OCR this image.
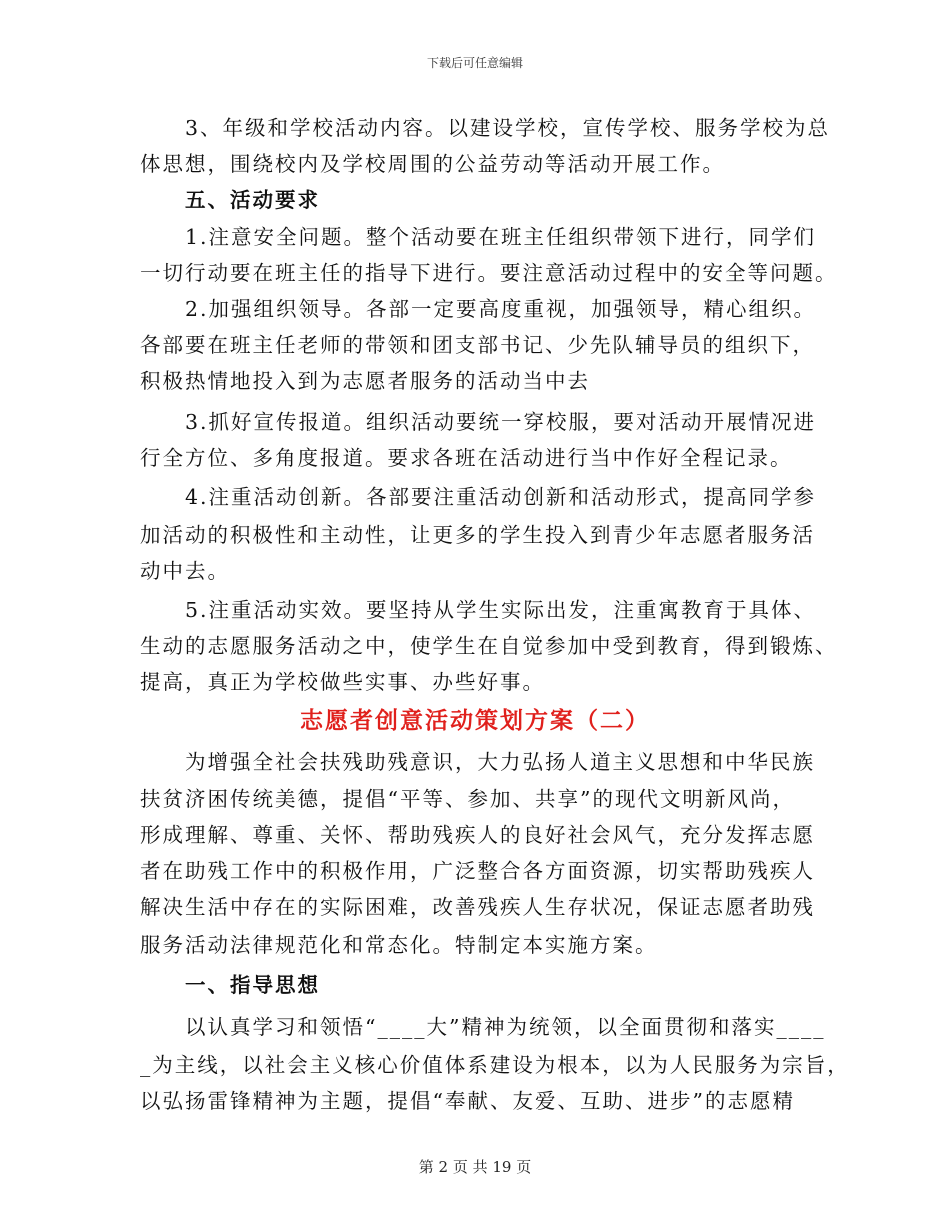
下载后可任意编辑
3、年级和学校活动内容。以建设学校，宣传学校、服务学校为总
体思想，围绕校内及学校周围的公益劳动等活动开展工作。
五、活动要求
1.注意安全问题。整个活动要在班主任组织带领下进行，同学们
一切行动要在班主任的指导下进行。要注意活动过程中的安全等问题。
2.加强组织领导。各部一定要高度重视，加强领导，精心组织。
各部要在班主任老师的带领和团支部书记、少先队辅导员的组织下，
积极热情地投入到为志愿者服务的活动当中去
3.抓好宣传报道。组织活动要统一穿校服，要对活动开展情况进
行全方位、多角度报道。要求各班在活动进行当中作好全程记录。
4.注重活动创新。各部要注重活动创新和活动形式，提高同学参
加活动的积极性和主动性，让更多的学生投入到青少年志愿者服务活
动中去。
5.注重活动实效。要坚持从学生实际出发，注重寓教育于具体、
生动的志愿服务活动之中，使学生在自觉参加中受到教育，得到锻炼、
提高，真正为学校做些实事、办些好事。
志愿者创意活动策划方案（二）
为增强全社会扶残助残意识，大力弘扬人道主义思想和中华民族
扶贫济困传统美德，提倡“平等、参加、共享”的现代文明新风尚，
形成理解、尊重、关怀、帮助残疾人的良好社会风气，充分发挥志愿
者在助残工作中的积极作用，广泛整合各方面资源，切实帮助残疾人
解决生活中存在的实际困难，改善残疾人生存状况，保证志愿者助残
服务活动法律规范化和常态化。特制定本实施方案。
一、指导思想
以认真学习和领悟“____大”精神为统领，以全面贯彻和落实____
_为主线，以社会主义核心价值体系建设为根本，以为人民服务为宗旨，
以弘扬雷锋精神为主题，提倡“奉献、友爱、互助、进步”的志愿精
第 2 页 共 19 页
